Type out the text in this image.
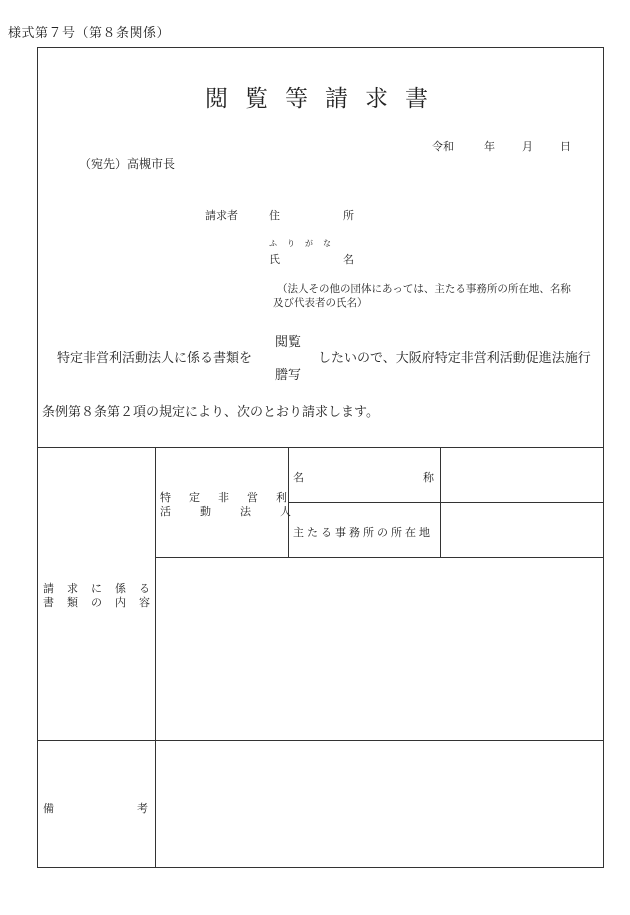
様式第７号（第８条関係）
閲覧等請求書
令和	年 月 日
（宛先）高槻市長
請求者	住	所
ふりがな
氏	名
（法人その他の団体にあっては、主たる事務所の所在地、名称
及び代表者の氏名）
特定非営利活動法人に係る書類を
閲覧
謄写
したいので、大阪府特定非営利活動促進法施行
条例第８条第２項の規定により、次のとおり請求します。
特定非営利
活動法人
名	称
主たる事務所の所在地
請求に係る
書類の内容
備	考
